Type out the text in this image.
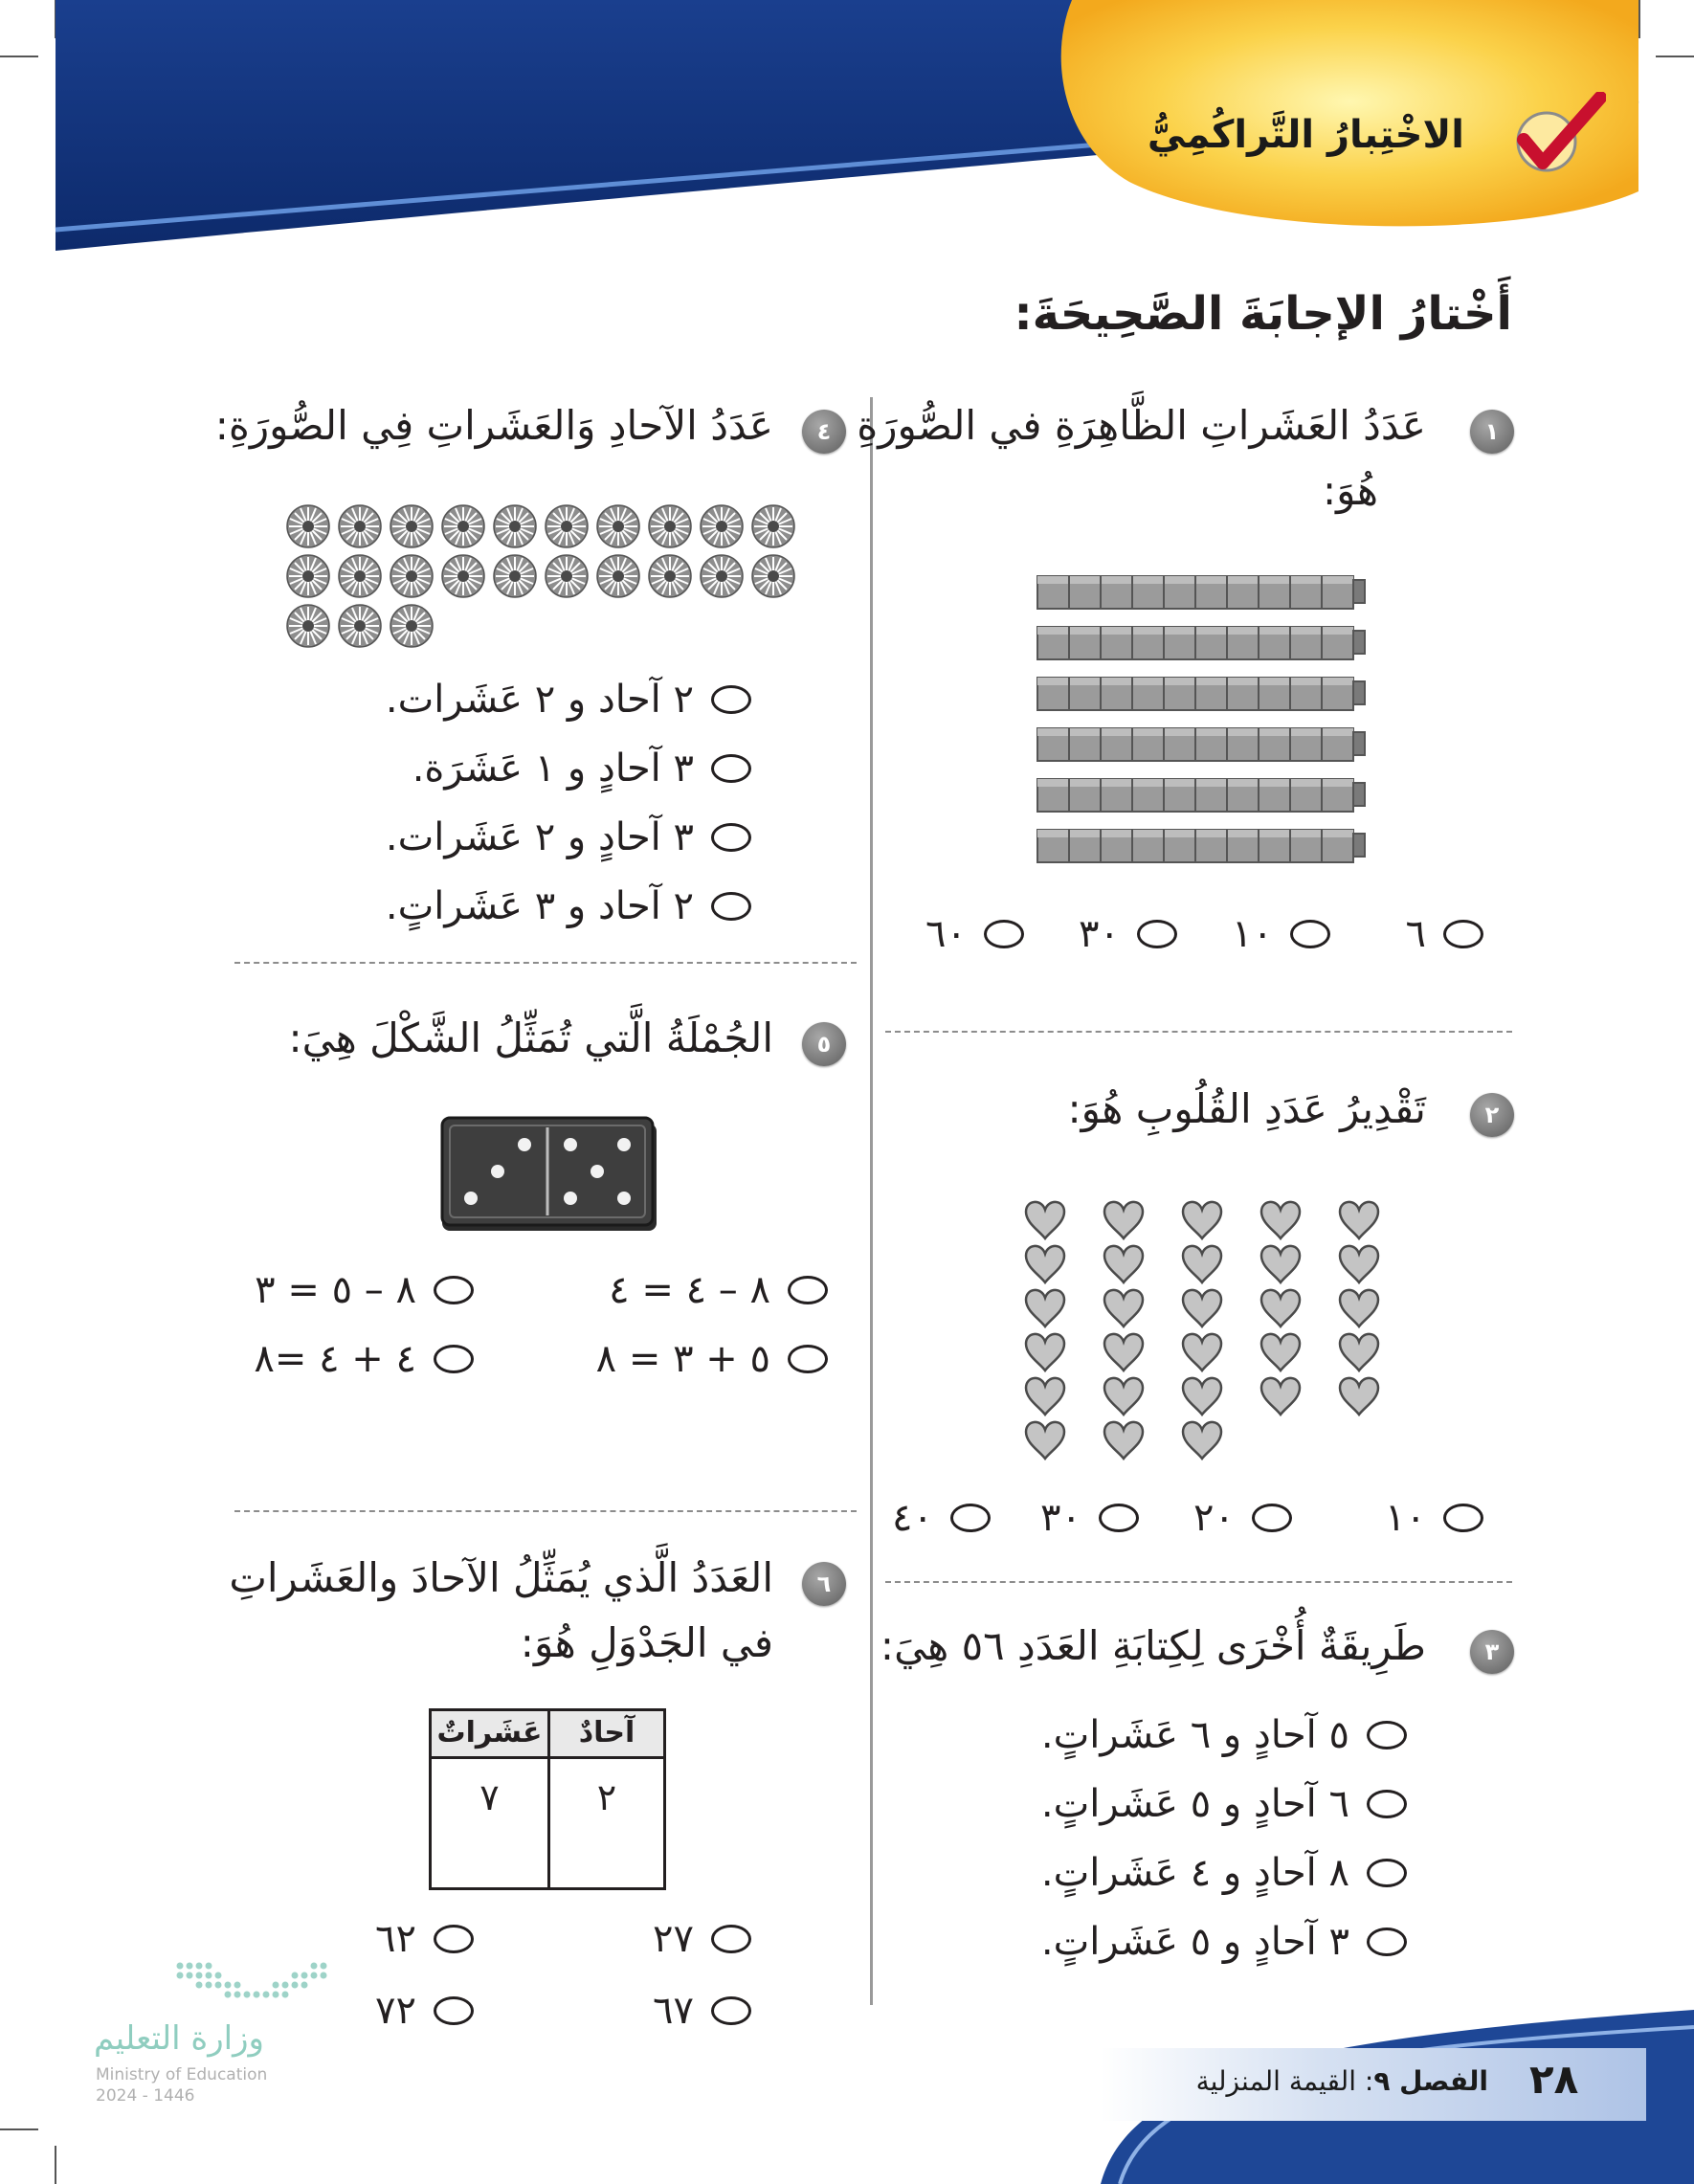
الاخْتِبارُ التَّراكُمِيُّ
أَخْتارُ الإجابَةَ الصَّحِيحَةَ:
١
عَدَدُ العَشَراتِ الظَّاهِرَةِ في الصُّورَةِ
هُوَ:
٦
١٠
٣٠
٦٠
٢
تَقْدِيرُ عَدَدِ القُلُوبِ هُوَ:
١٠
٢٠
٣٠
٤٠
٣
طَرِيقَةٌ أُخْرَى لِكِتابَةِ العَدَدِ ٥٦ هِيَ:
٥ آحادٍ و ٦ عَشَراتٍ.
٦ آحادٍ و ٥ عَشَراتٍ.
٨ آحادٍ و ٤ عَشَراتٍ.
٣ آحادٍ و ٥ عَشَراتٍ.
٤
عَدَدُ الآحادِ وَالعَشَراتِ فِي الصُّورَةِ:
٢ آحاد و ٢ عَشَرات.
٣ آحادٍ و ١ عَشَرَة.
٣ آحادٍ و ٢ عَشَرات.
٢ آحاد و ٣ عَشَراتٍ.
٥
الجُمْلَةُ الَّتي تُمَثِّلُ الشَّكْلَ هِيَ:
٨ – ٤ = ٤
٨ – ٥ = ٣
٥ + ٣ = ٨
٤ + ٤ =٨
٦
العَدَدُ الَّذي يُمَثِّلُ الآحادَ والعَشَراتِ
في الجَدْوَلِ هُوَ:
عَشَراتٌ	آحادٌ
٧	٢
٢٧
٦٢
٦٧
٧٢
وزارة التعليم
Ministry of Education
2024 - 1446	٢٨
الفصل ٩: القيمة المنزلية
